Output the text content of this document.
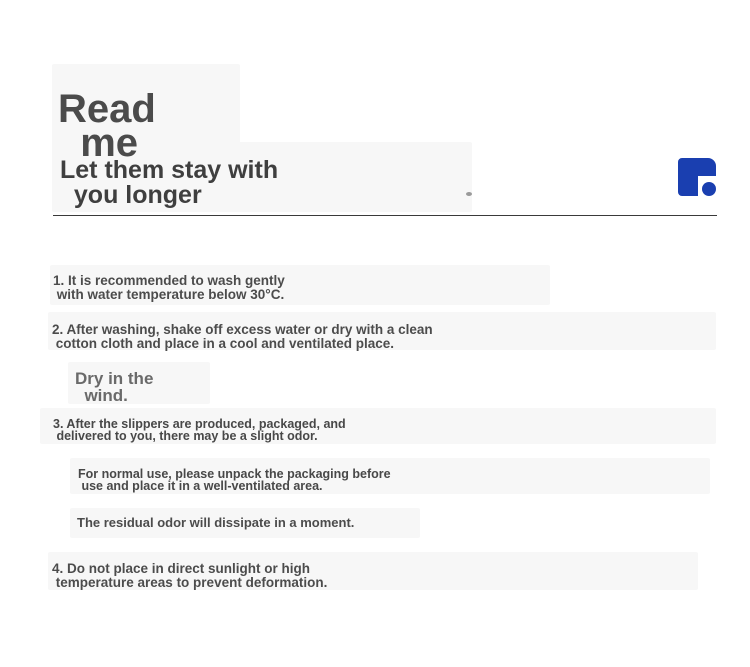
Read
me
Let them stay with
you longer
1. It is recommended to wash gently
with water temperature below 30°C.
2. After washing, shake off excess water or dry with a clean
cotton cloth and place in a cool and ventilated place.
Dry in the
wind.
3. After the slippers are produced, packaged, and
delivered to you, there may be a slight odor.
For normal use, please unpack the packaging before
use and place it in a well-ventilated area.
The residual odor will dissipate in a moment.
4. Do not place in direct sunlight or high
temperature areas to prevent deformation.
